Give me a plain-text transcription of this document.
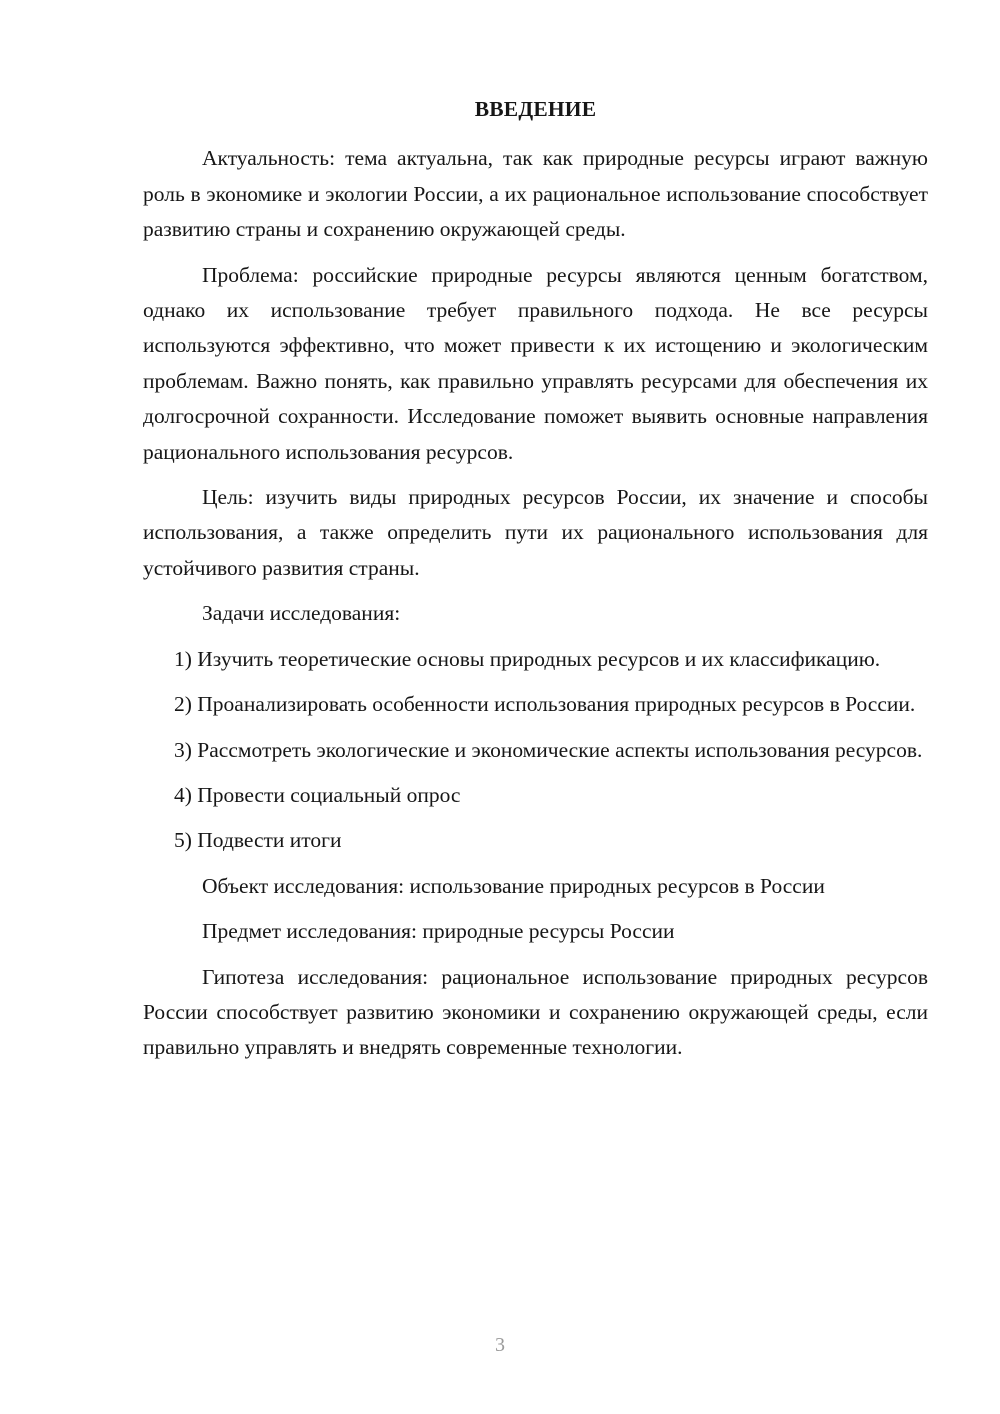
ВВЕДЕНИЕ

Актуальность: тема актуальна, так как природные ресурсы играют важную роль в экономике и экологии России, а их рациональное использование способствует развитию страны и сохранению окружающей среды.

Проблема: российские природные ресурсы являются ценным богатством, однако их использование требует правильного подхода. Не все ресурсы используются эффективно, что может привести к их истощению и экологическим проблемам. Важно понять, как правильно управлять ресурсами для обеспечения их долгосрочной сохранности. Исследование поможет выявить основные направления рационального использования ресурсов.

Цель: изучить виды природных ресурсов России, их значение и способы использования, а также определить пути их рационального использования для устойчивого развития страны.

Задачи исследования:

1) Изучить теоретические основы природных ресурсов и их классификацию.

2) Проанализировать особенности использования природных ресурсов в России.

3) Рассмотреть экологические и экономические аспекты использования ресурсов.

4) Провести социальный опрос

5) Подвести итоги

Объект исследования: использование природных ресурсов в России

Предмет исследования: природные ресурсы России

Гипотеза исследования: рациональное использование природных ресурсов России способствует развитию экономики и сохранению окружающей среды, если правильно управлять и внедрять современные технологии.

3
